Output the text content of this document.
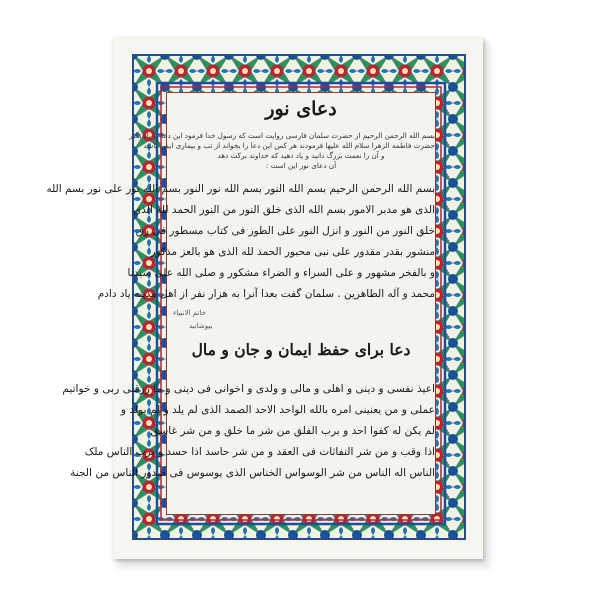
دعای نور
بسم الله الرحمن الرحیم از حضرت سلمان فارسی روایت است که رسول خدا فرمود این دعا را یاد بگیر
حضرت فاطمه الزهرا سلام الله علیها فرمودند هر کس این دعا را بخواند از تب و بیماری ایمن باشد
و آن را نعمت بزرگ دانید و یاد دهید که خداوند برکت دهد
آن دعای نور این است :
بسم الله الرحمن الرحیم بسم الله النور بسم الله نور النور بسم الله نور علی نور بسم الله
الذی هو مدبر الامور بسم الله الذی خلق النور من النور الحمد لله الذی
خلق النور من النور و انزل النور علی الطور فی کتاب مسطور فی رق
منشور بقدر مقدور علی نبی محبور الحمد لله الذی هو بالعز مذکور
و بالفخر مشهور و علی السراء و الضراء مشکور و صلی الله علی سیدنا
محمد و آله الطاهرین . سلمان گفت بعدا آنرا به هزار نفر از اهل مدینه یاد دادم
خاتم الانبیاء
بپوشانید
دعا برای حفظ ایمان و جان و مال
اعیذ نفسی و دینی و اهلی و مالی و ولدی و اخوانی فی دینی و ما رزقنی ربی و خواتیم
عملی و من یعنینی امره بالله الواحد الاحد الصمد الذی لم یلد و لم یولد و
لم یکن له کفوا احد و برب الفلق من شر ما خلق و من شر غاسق
اذا وقب و من شر النفاثات فی العقد و من شر حاسد اذا حسد و برب الناس ملک
الناس اله الناس من شر الوسواس الخناس الذی یوسوس فی صدور الناس من الجنة
